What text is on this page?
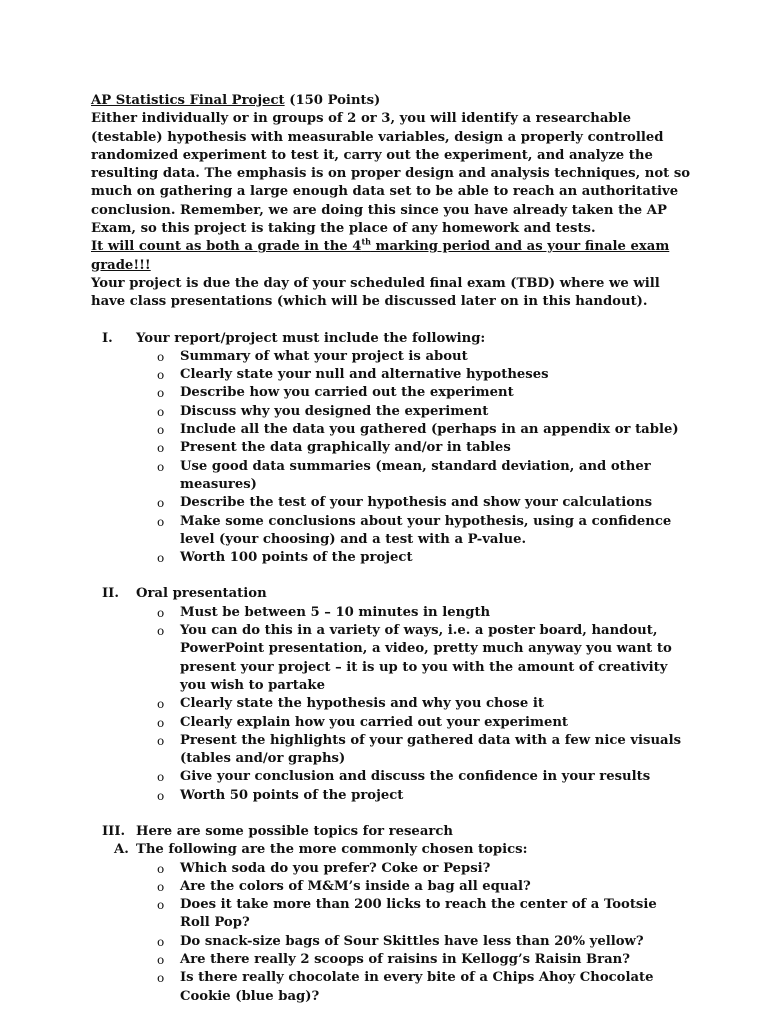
AP Statistics Final Project (150 Points)

Either individually or in groups of 2 or 3, you will identify a researchable (testable) hypothesis with measurable variables, design a properly controlled randomized experiment to test it, carry out the experiment, and analyze the resulting data. The emphasis is on proper design and analysis techniques, not so much on gathering a large enough data set to be able to reach an authoritative conclusion. Remember, we are doing this since you have already taken the AP Exam, so this project is taking the place of any homework and tests.

It will count as both a grade in the 4th marking period and as your finale exam grade!!!

Your project is due the day of your scheduled final exam (TBD) where we will have class presentations (which will be discussed later on in this handout).

I. Your report/project must include the following:
o Summary of what your project is about
o Clearly state your null and alternative hypotheses
o Describe how you carried out the experiment
o Discuss why you designed the experiment
o Include all the data you gathered (perhaps in an appendix or table)
o Present the data graphically and/or in tables
o Use good data summaries (mean, standard deviation, and other measures)
o Describe the test of your hypothesis and show your calculations
o Make some conclusions about your hypothesis, using a confidence level (your choosing) and a test with a P-value.
o Worth 100 points of the project
II. Oral presentation
o Must be between 5 – 10 minutes in length
o You can do this in a variety of ways, i.e. a poster board, handout, PowerPoint presentation, a video, pretty much anyway you want to present your project – it is up to you with the amount of creativity you wish to partake
o Clearly state the hypothesis and why you chose it
o Clearly explain how you carried out your experiment
o Present the highlights of your gathered data with a few nice visuals (tables and/or graphs)
o Give your conclusion and discuss the confidence in your results
o Worth 50 points of the project
III. Here are some possible topics for research
A. The following are the more commonly chosen topics:
o Which soda do you prefer? Coke or Pepsi?
o Are the colors of M&M’s inside a bag all equal?
o Does it take more than 200 licks to reach the center of a Tootsie Roll Pop?
o Do snack-size bags of Sour Skittles have less than 20% yellow?
o Are there really 2 scoops of raisins in Kellogg’s Raisin Bran?
o Is there really chocolate in every bite of a Chips Ahoy Chocolate Cookie (blue bag)?
